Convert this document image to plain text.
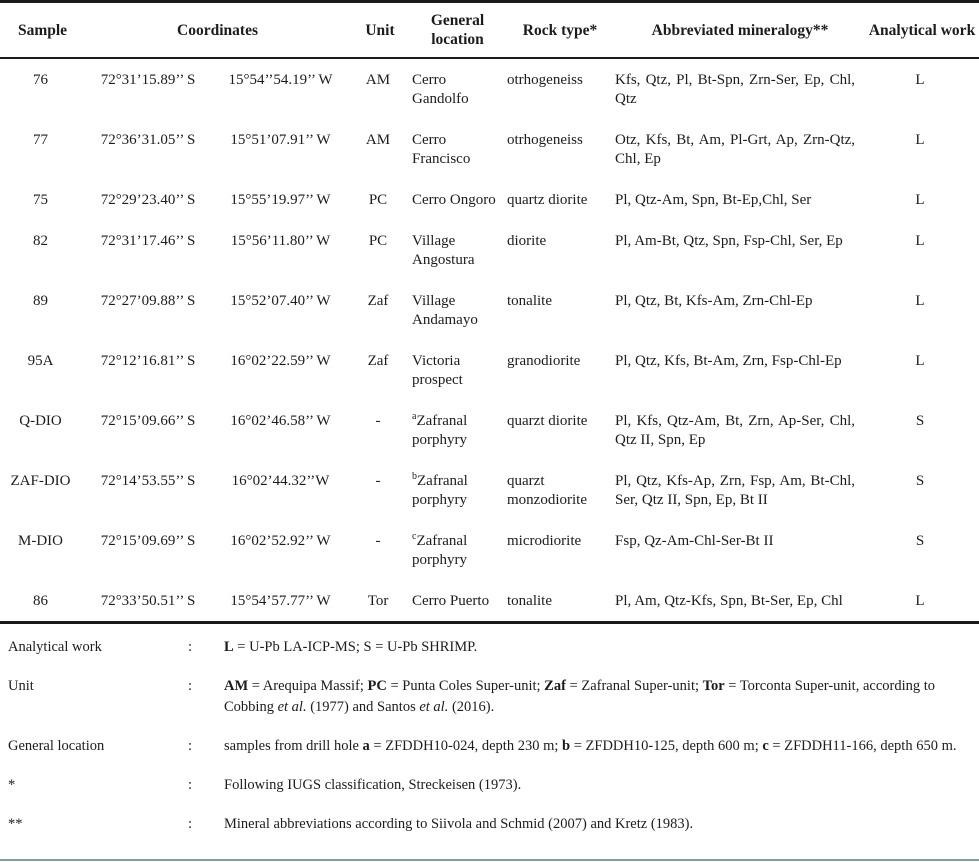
Sample	Coordinates		Unit	General location	Rock type*	Abbreviated mineralogy**	Analytical work
76	72°31’15.89’’ S	15°54’’54.19’’ W	AM	Cerro Gandolfo	otrhogeneiss	Kfs, Qtz, Pl, Bt-Spn, Zrn-Ser, Ep, Chl, Qtz	L
77	72°36’31.05’’ S	15°51’07.91’’ W	AM	Cerro Francisco	otrhogeneiss	Otz, Kfs, Bt, Am, Pl-Grt, Ap, Zrn-Qtz, Chl, Ep	L
75	72°29’23.40’’ S	15°55’19.97’’ W	PC	Cerro Ongoro	quartz diorite	Pl, Qtz-Am, Spn, Bt-Ep,Chl, Ser	L
82	72°31’17.46’’ S	15°56’11.80’’ W	PC	Village Angostura	diorite	Pl, Am-Bt, Qtz, Spn, Fsp-Chl, Ser, Ep	L
89	72°27’09.88’’ S	15°52’07.40’’ W	Zaf	Village Andamayo	tonalite	Pl, Qtz, Bt, Kfs-Am, Zrn-Chl-Ep	L
95A	72°12’16.81’’ S	16°02’22.59’’ W	Zaf	Victoria prospect	granodiorite	Pl, Qtz, Kfs, Bt-Am, Zrn, Fsp-Chl-Ep	L
Q-DIO	72°15’09.66’’ S	16°02’46.58’’ W	-	$^a$Zafranal porphyry	quarzt diorite	Pl, Kfs, Qtz-Am, Bt, Zrn, Ap-Ser, Chl, Qtz II, Spn, Ep	S
ZAF-DIO	72°14’53.55’’ S	16°02’44.32’’W	-	$^b$Zafranal porphyry	quarzt monzodiorite	Pl, Qtz, Kfs-Ap, Zrn, Fsp, Am, Bt-Chl, Ser, Qtz II, Spn, Ep, Bt II	S
M-DIO	72°15’09.69’’ S	16°02’52.92’’ W	-	$^c$Zafranal porphyry	microdiorite	Fsp, Qz-Am-Chl-Ser-Bt II	S
86	72°33’50.51’’ S	15°54’57.77’’ W	Tor	Cerro Puerto	tonalite	Pl, Am, Qtz-Kfs, Spn, Bt-Ser, Ep, Chl	L
Analytical work	:	L = U-Pb LA-ICP-MS; S = U-Pb SHRIMP.
Unit	:	AM = Arequipa Massif; PC = Punta Coles Super-unit; Zaf = Zafranal Super-unit; Tor = Torconta Super-unit, according to Cobbing et al. (1977) and Santos et al. (2016).
General location	:	samples from drill hole a = ZFDDH10-024, depth 230 m; b = ZFDDH10-125, depth 600 m; c = ZFDDH11-166, depth 650 m.
*	:	Following IUGS classification, Streckeisen (1973).
**	:	Mineral abbreviations according to Siivola and Schmid (2007) and Kretz (1983).
